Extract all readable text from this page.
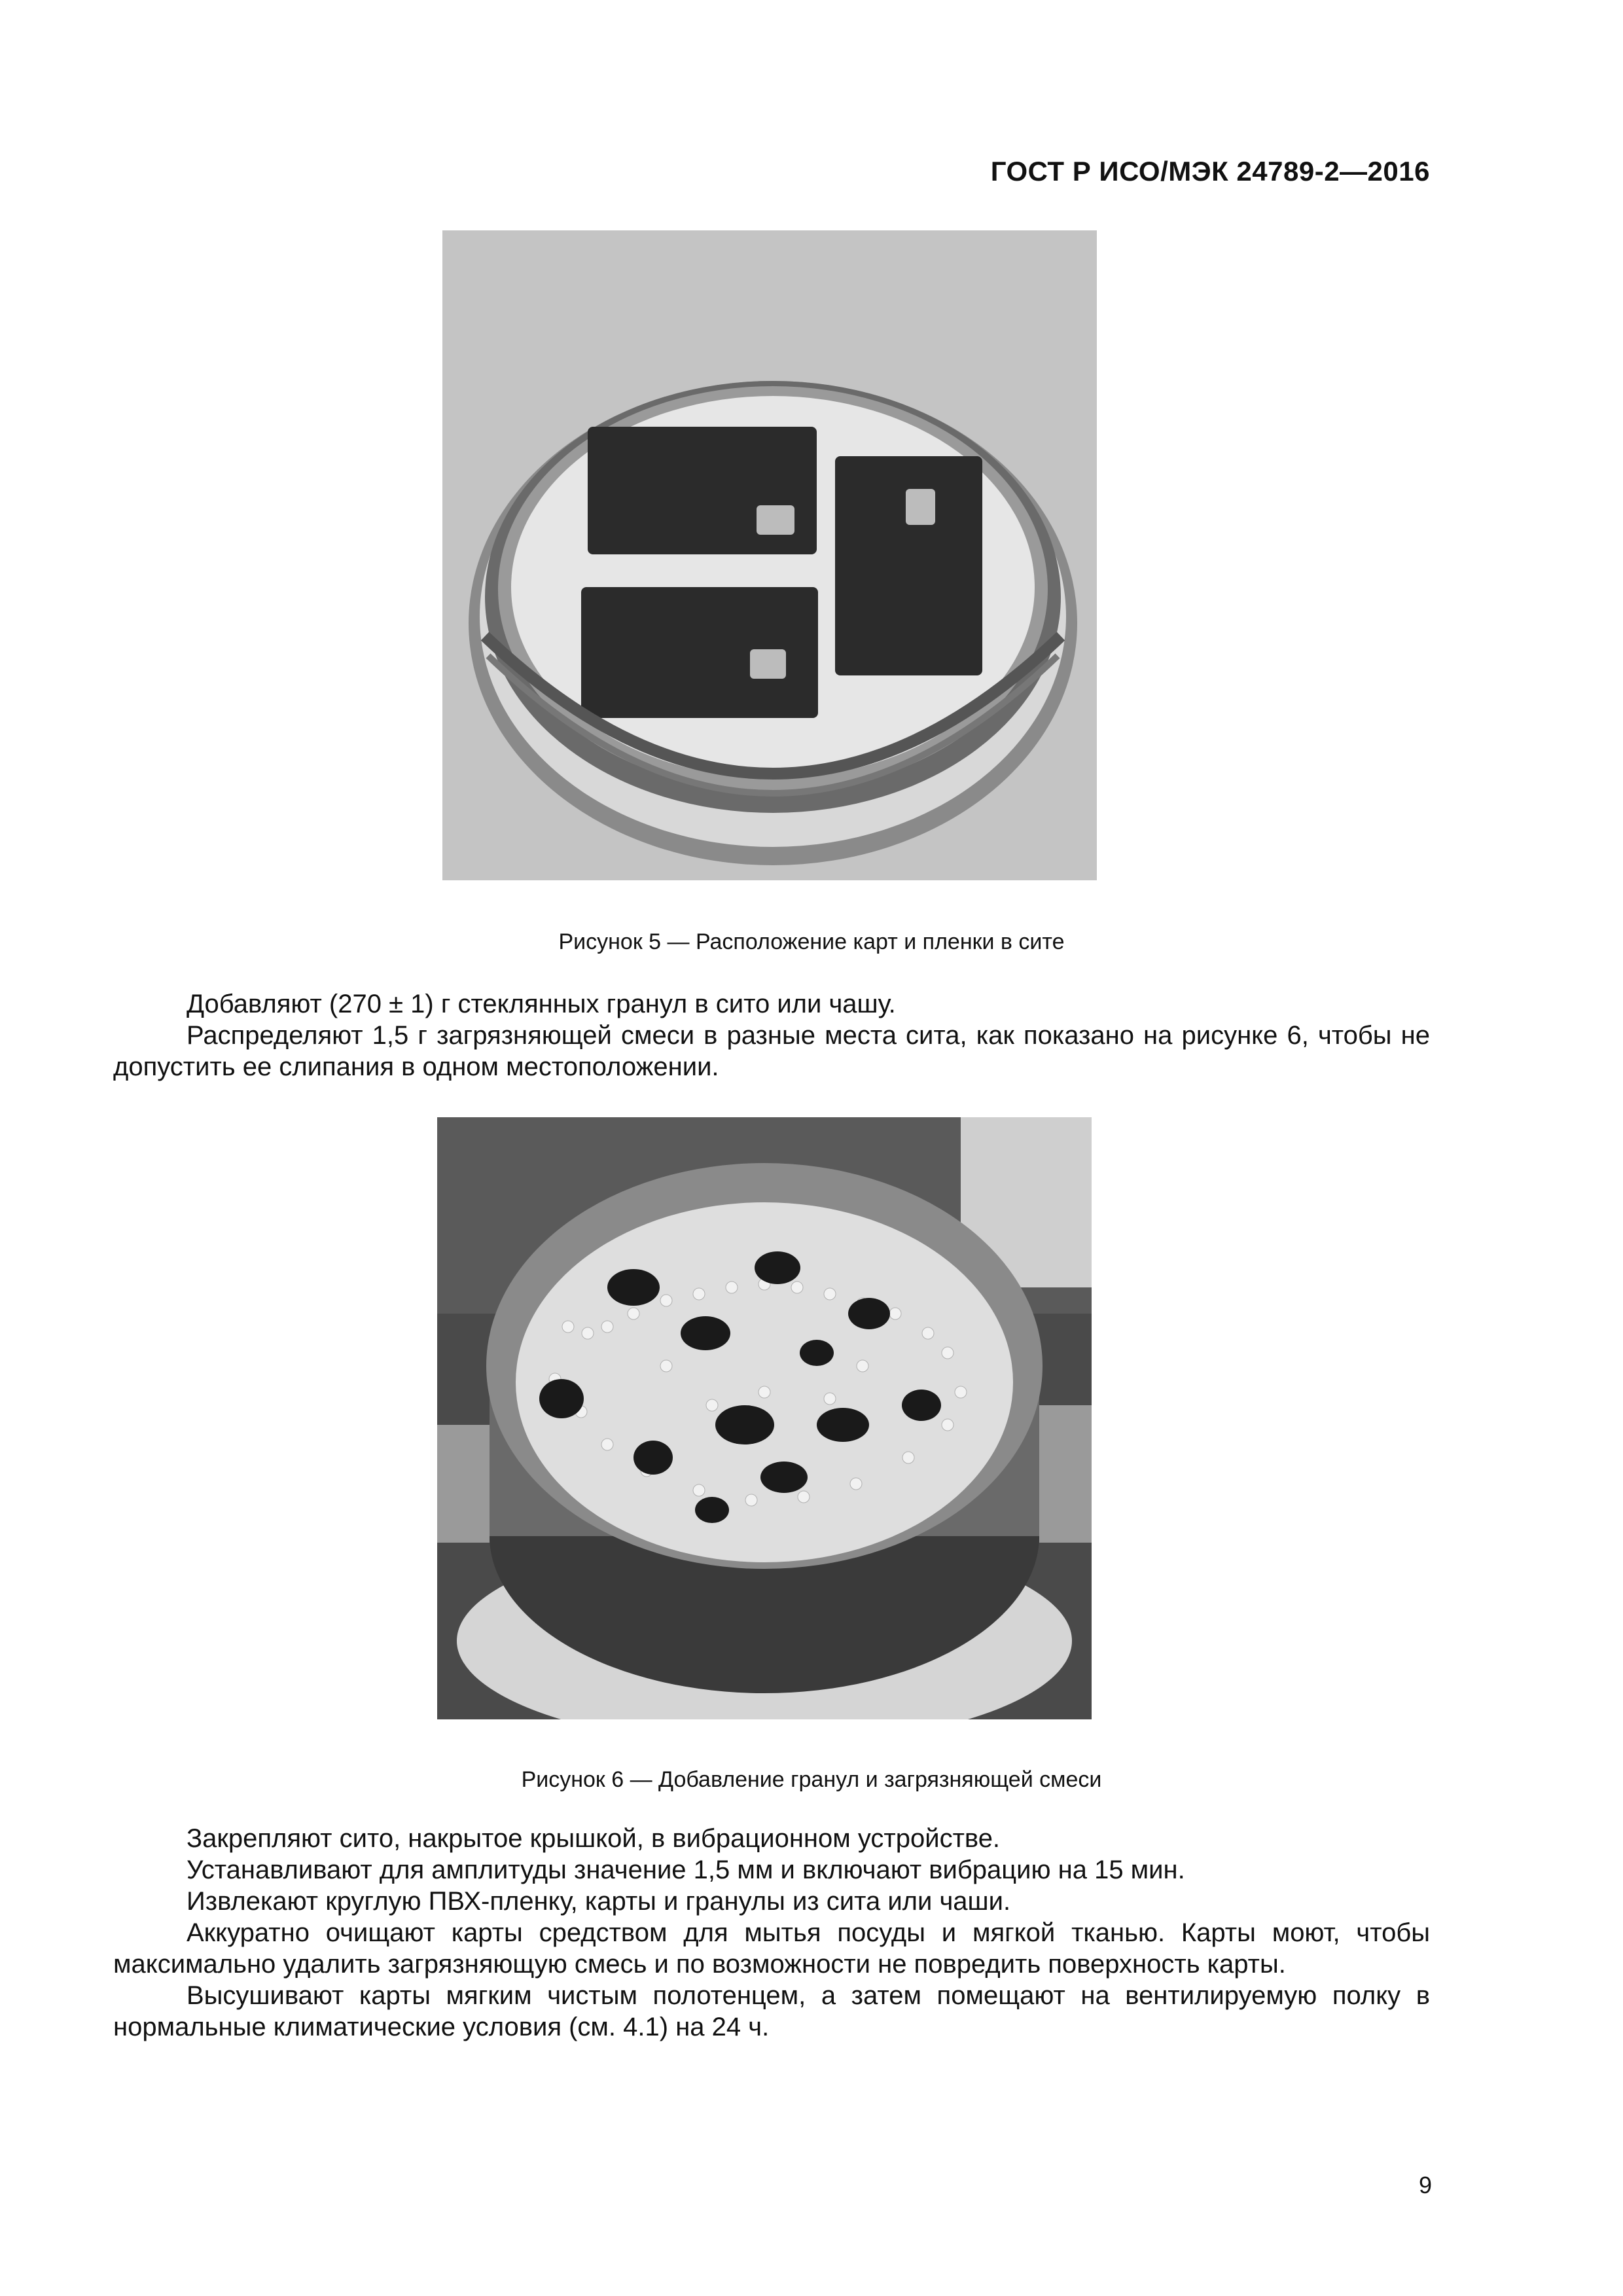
ГОСТ Р ИСО/МЭК 24789-2—2016
Рисунок 5 — Расположение карт и пленки в сите

Добавляют (270 ± 1) г стеклянных гранул в сито или чашу.

Распределяют 1,5 г загрязняющей смеси в разные места сита, как показано на рисунке 6, чтобы не допустить ее слипания в одном местоположении.

Рисунок 6 — Добавление гранул и загрязняющей смеси

Закрепляют сито, накрытое крышкой, в вибрационном устройстве.

Устанавливают для амплитуды значение 1,5 мм и включают вибрацию на 15 мин.

Извлекают круглую ПВХ-пленку, карты и гранулы из сита или чаши.

Аккуратно очищают карты средством для мытья посуды и мягкой тканью. Карты моют, чтобы максимально удалить загрязняющую смесь и по возможности не повредить поверхность карты.

Высушивают карты мягким чистым полотенцем, а затем помещают на вентилируемую полку в нормальные климатические условия (см. 4.1) на 24 ч.

9
